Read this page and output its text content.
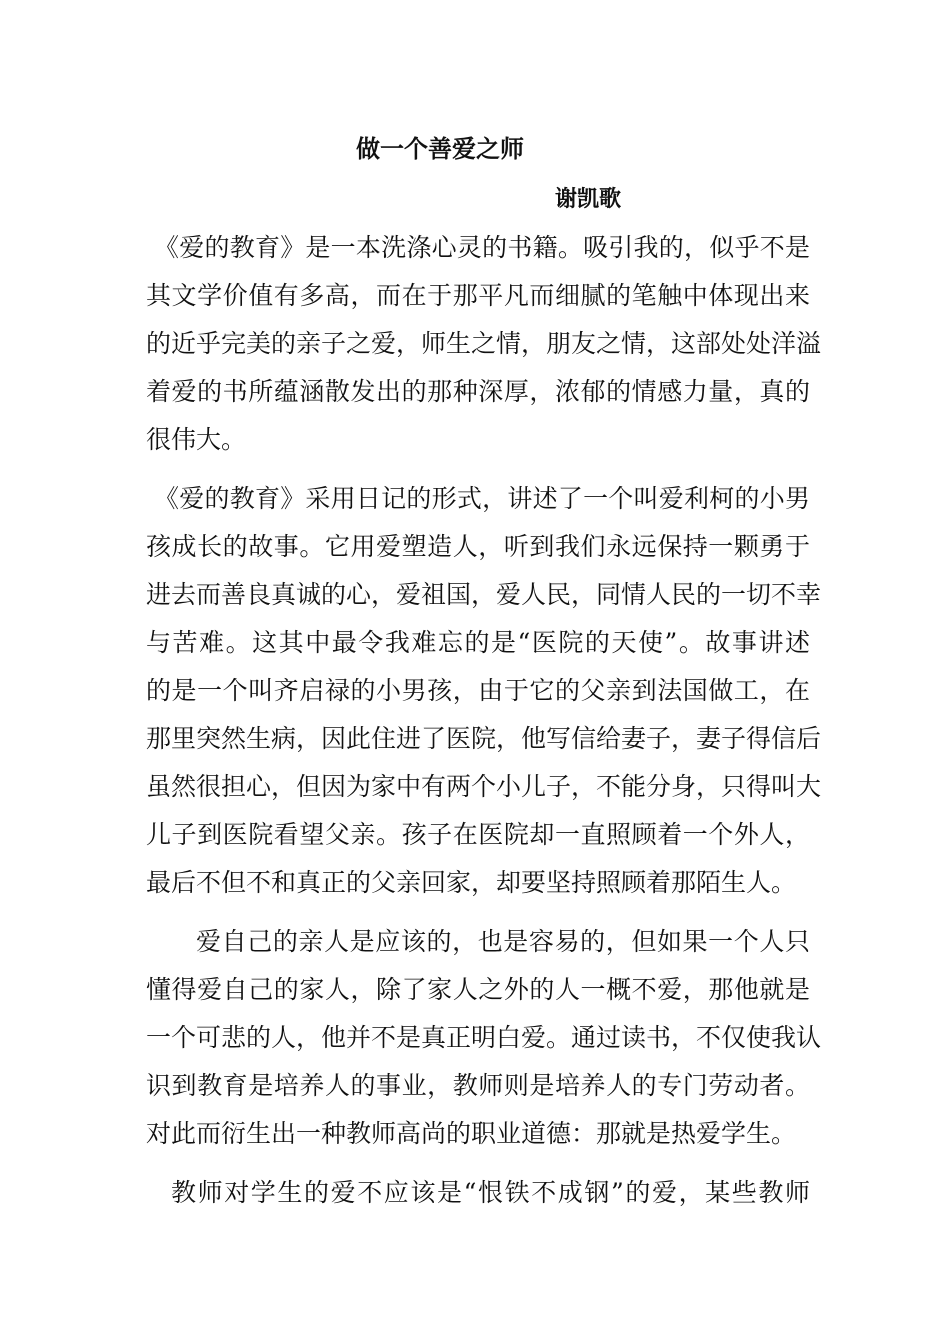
做一个善爱之师
谢凯歌
《爱的教育》是一本洗涤心灵的书籍。吸引我的，似乎不是
其文学价值有多高，而在于那平凡而细腻的笔触中体现出来
的近乎完美的亲子之爱，师生之情，朋友之情，这部处处洋溢
着爱的书所蕴涵散发出的那种深厚，浓郁的情感力量，真的
很伟大。
《爱的教育》采用日记的形式，讲述了一个叫爱利柯的小男
孩成长的故事。它用爱塑造人，听到我们永远保持一颗勇于
进去而善良真诚的心，爱祖国，爱人民，同情人民的一切不幸
与苦难。这其中最令我难忘的是“医院的天使”。故事讲述
的是一个叫齐启禄的小男孩，由于它的父亲到法国做工，在
那里突然生病，因此住进了医院，他写信给妻子，妻子得信后
虽然很担心，但因为家中有两个小儿子，不能分身，只得叫大
儿子到医院看望父亲。孩子在医院却一直照顾着一个外人，
最后不但不和真正的父亲回家，却要坚持照顾着那陌生人。
爱自己的亲人是应该的，也是容易的，但如果一个人只
懂得爱自己的家人，除了家人之外的人一概不爱，那他就是
一个可悲的人，他并不是真正明白爱。通过读书，不仅使我认
识到教育是培养人的事业，教师则是培养人的专门劳动者。
对此而衍生出一种教师高尚的职业道德：那就是热爱学生。
教师对学生的爱不应该是“恨铁不成钢”的爱，某些教师
